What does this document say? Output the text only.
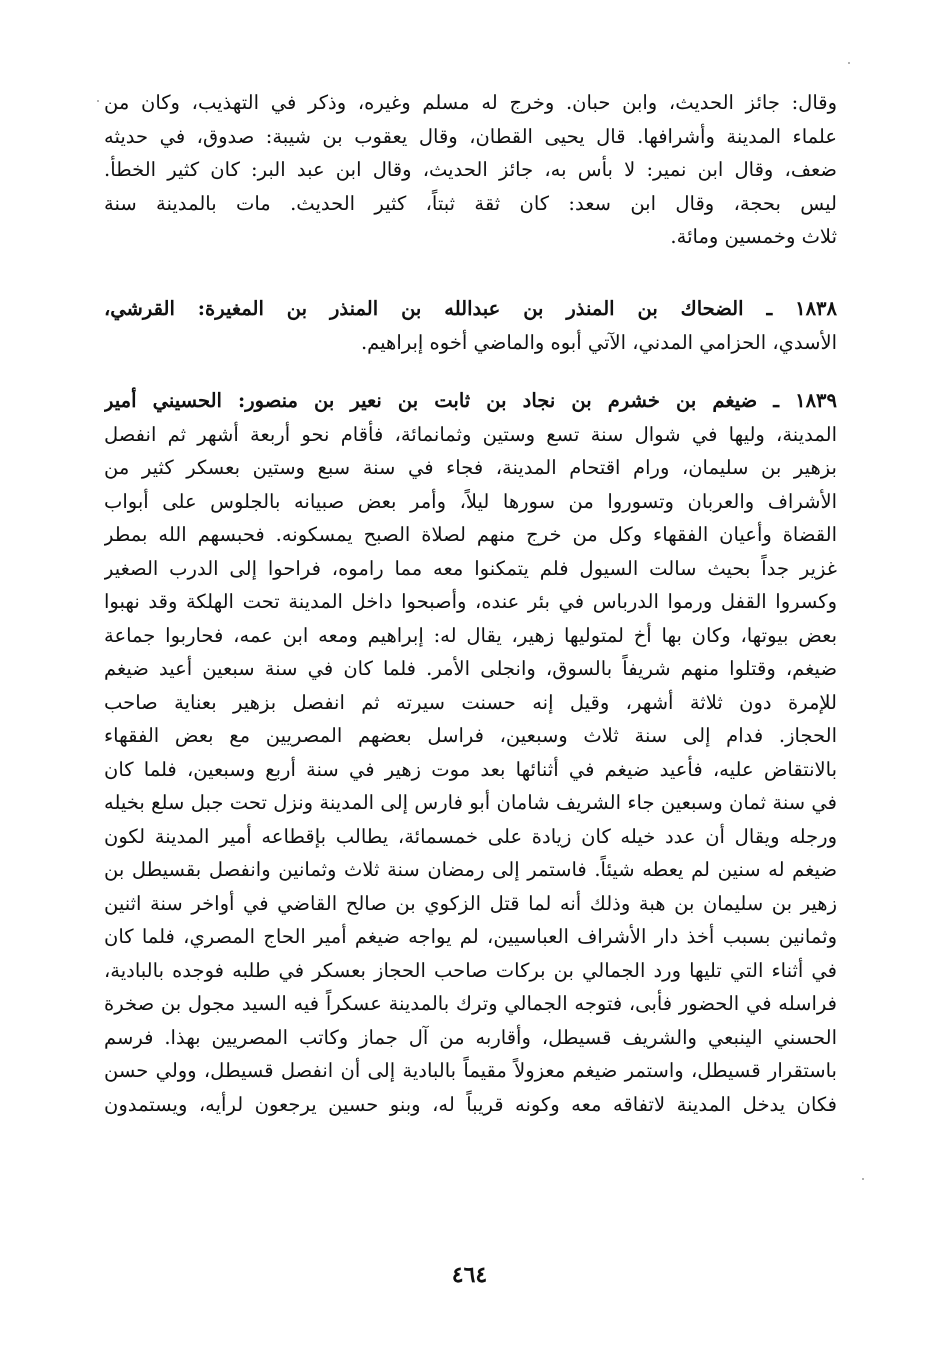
وقال: جائز الحديث، وابن حبان. وخرج له مسلم وغيره، وذكر في التهذيب، وكان من
علماء المدينة وأشرافها. قال يحيى القطان، وقال يعقوب بن شيبة: صدوق، في حديثه
ضعف، وقال ابن نمير: لا بأس به، جائز الحديث، وقال ابن عبد البر: كان كثير الخطأ.
ليس بحجة، وقال ابن سعد: كان ثقة ثبتاً، كثير الحديث. مات بالمدينة سنة
ثلاث وخمسين ومائة.
١٨٣٨ ـ الضحاك بن المنذر بن عبدالله بن المنذر بن المغيرة: القرشي،
الأسدي، الحزامي المدني، الآتي أبوه والماضي أخوه إبراهيم.
١٨٣٩ ـ ضيغم بن خشرم بن نجاد بن ثابت بن نعير بن منصور: الحسيني أمير
المدينة، وليها في شوال سنة تسع وستين وثمانمائة، فأقام نحو أربعة أشهر ثم انفصل
بزهير بن سليمان، ورام اقتحام المدينة، فجاء في سنة سبع وستين بعسكر كثير من
الأشراف والعربان وتسوروا من سورها ليلاً، وأمر بعض صبيانه بالجلوس على أبواب
القضاة وأعيان الفقهاء وكل من خرج منهم لصلاة الصبح يمسكونه. فحبسهم الله بمطر
غزير جداً بحيث سالت السيول فلم يتمكنوا معه مما راموه، فراحوا إلى الدرب الصغير
وكسروا القفل ورموا الدرباس في بئر عنده، وأصبحوا داخل المدينة تحت الهلكة وقد نهبوا
بعض بيوتها، وكان بها أخ لمتوليها زهير، يقال له: إبراهيم ومعه ابن عمه، فحاربوا جماعة
ضيغم، وقتلوا منهم شريفاً بالسوق، وانجلى الأمر. فلما كان في سنة سبعين أعيد ضيغم
للإمرة دون ثلاثة أشهر، وقيل إنه حسنت سيرته ثم انفصل بزهير بعناية صاحب
الحجاز. فدام إلى سنة ثلاث وسبعين، فراسل بعضهم المصريين مع بعض الفقهاء
بالانتقاض عليه، فأعيد ضيغم في أثنائها بعد موت زهير في سنة أربع وسبعين، فلما كان
في سنة ثمان وسبعين جاء الشريف شامان أبو فارس إلى المدينة ونزل تحت جبل سلع بخيله
ورجله ويقال أن عدد خيله كان زيادة على خمسمائة، يطالب بإقطاعه أمير المدينة لكون
ضيغم له سنين لم يعطه شيئاً. فاستمر إلى رمضان سنة ثلاث وثمانين وانفصل بقسيطل بن
زهير بن سليمان بن هبة وذلك أنه لما قتل الزكوي بن صالح القاضي في أواخر سنة اثنين
وثمانين بسبب أخذ دار الأشراف العباسيين، لم يواجه ضيغم أمير الحاج المصري، فلما كان
في أثناء التي تليها ورد الجمالي بن بركات صاحب الحجاز بعسكر في طلبه فوجده بالبادية،
فراسله في الحضور فأبى، فتوجه الجمالي وترك بالمدينة عسكراً فيه السيد مجول بن صخرة
الحسني الينبعي والشريف قسيطل، وأقاربه من آل جماز وكاتب المصريين بهذا. فرسم
باستقرار قسيطل، واستمر ضيغم معزولاً مقيماً بالبادية إلى أن انفصل قسيطل، وولي حسن
فكان يدخل المدينة لاتفاقه معه وكونه قريباً له، وبنو حسين يرجعون لرأيه، ويستمدون
٤٦٤
